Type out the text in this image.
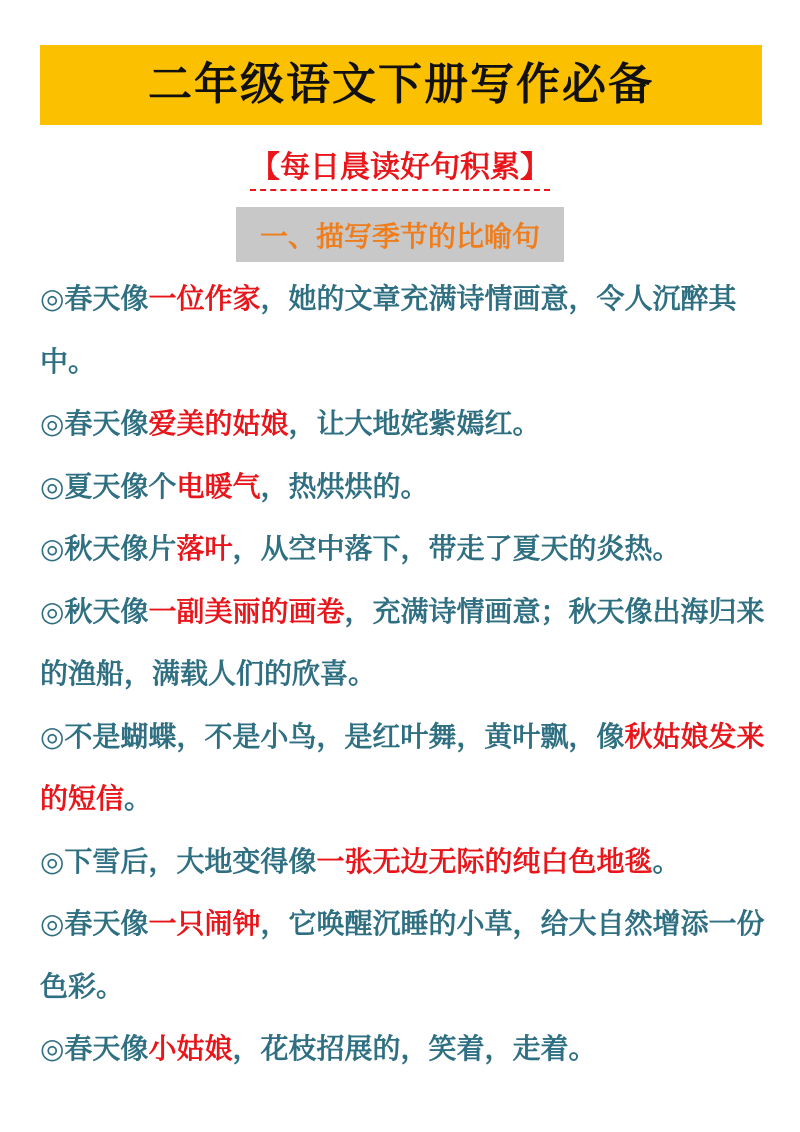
二年级语文下册写作必备
【每日晨读好句积累】
一、描写季节的比喻句

◎春天像一位作家，她的文章充满诗情画意，令人沉醉其中。

◎春天像爱美的姑娘，让大地姹紫嫣红。

◎夏天像个电暖气，热烘烘的。

◎秋天像片落叶，从空中落下，带走了夏天的炎热。

◎秋天像一副美丽的画卷，充满诗情画意；秋天像出海归来的渔船，满载人们的欣喜。

◎不是蝴蝶，不是小鸟，是红叶舞，黄叶飘，像秋姑娘发来的短信。

◎下雪后，大地变得像一张无边无际的纯白色地毯。

◎春天像一只闹钟，它唤醒沉睡的小草，给大自然增添一份色彩。

◎春天像小姑娘，花枝招展的，笑着，走着。
